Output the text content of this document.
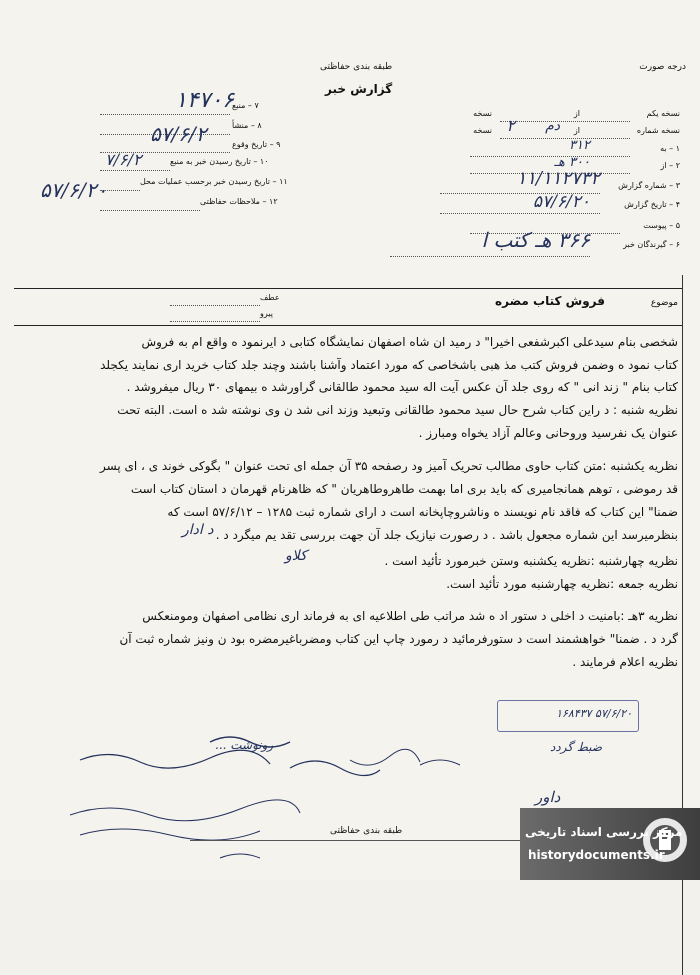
درجه صورت
طبقه بندی حفاظتی
گزارش خبر
نسخه یکم
از
نسخه
نسخه شماره
دم از
۲
نسخه
۱ – به
۳۱۲
۲ – از
۳۰۰ هـ
۳ – شماره گزارش
۱۱/۱۱۲۷۳۲
۴ – تاریخ گزارش
۵۷/۶/۲۰
۵ – پیوست
۶ – گیرندگان خبر
۳۶۶ هـ کتب ا
۷ – منبع
۱۴۷۰۶
۸ – منشأ
۹ – تاریخ وقوع
۵۷/۶/۲
۱۰ – تاریخ رسیدن خبر به منبع
۷/۶/۲
۱۱ – تاریخ رسیدن خبر برحسب عملیات محل
۱۲ – ملاحظات حفاظتی
۵۷/۶/۲۰
موضوع
فروش کتاب مضره
عطف
پیرو
شخصی بنام سیدعلی اکبرشفعی اخیرا" د رمید ان شاه اصفهان نمایشگاه کتابی د ایرنمود ه واقع ام به فروش
کتاب نمود ه وضمن فروش کتب مذ هبی باشخاصی که مورد اعتماد وآشنا باشند وچند جلد کتاب خرید اری نمایند یکجلد
کتاب بنام " زند انی " که روی جلد آن عکس آیت اله سید محمود طالقانی گراورشد ه بیمهای ۳۰ ریال میفروشد .
نظریه شنبه : د راین کتاب شرح حال سید محمود طالقانی وتبعید وزند انی شد ن وی نوشته شد ه است. البته تحت
عنوان یک نفرسید وروحانی وعالم آزاد یخواه ومبارز .
نظریه یکشنبه :متن کتاب حاوی مطالب تحریک آمیز ود رصفحه ۳۵ آن جمله ای تحت عنوان " بگوکی خوند ی ، ای پسر
قد رموضی ، توهم همانجامیری که باید بری اما بهمت طاهروطاهریان " که ظاهرنام قهرمان د استان کتاب است
ضمنا" این کتاب که فاقد نام نویسند ه وناشروچاپخانه است د ارای شماره ثبت ۱۲۸۵ – ۵۷/۶/۱۲ است که
بنظرمیرسد این شماره مجعول باشد . د رصورت نیازیک جلد آن جهت بررسی تقد یم میگرد د .
د ادار
نظریه چهارشنبه :نظریه یکشنبه وستن خبرمورد تأئید است .
کلاو
نظریه جمعه :نظریه چهارشنبه مورد تأئید است.
نظریه ۳هـ :بامنیت د اخلی د ستور اد ه شد مراتب طی اطلاعیه ای به فرماند اری نظامی اصفهان ومومنعکس
گرد د . ضمنا" خواهشمند است د ستورفرمائید د رمورد چاپ این کتاب ومضرباغیرمضره بود ن ونیز شماره ثبت آن
نظریه اعلام فرمایند .
۵۷/۶/۲۰ ۱۶۸۴۳۷
رونوشت ...	ضبط گردد
داور
طبقه بندی حفاظتی	مرکز بررسی اسناد تاریخی
historydocuments.ir
